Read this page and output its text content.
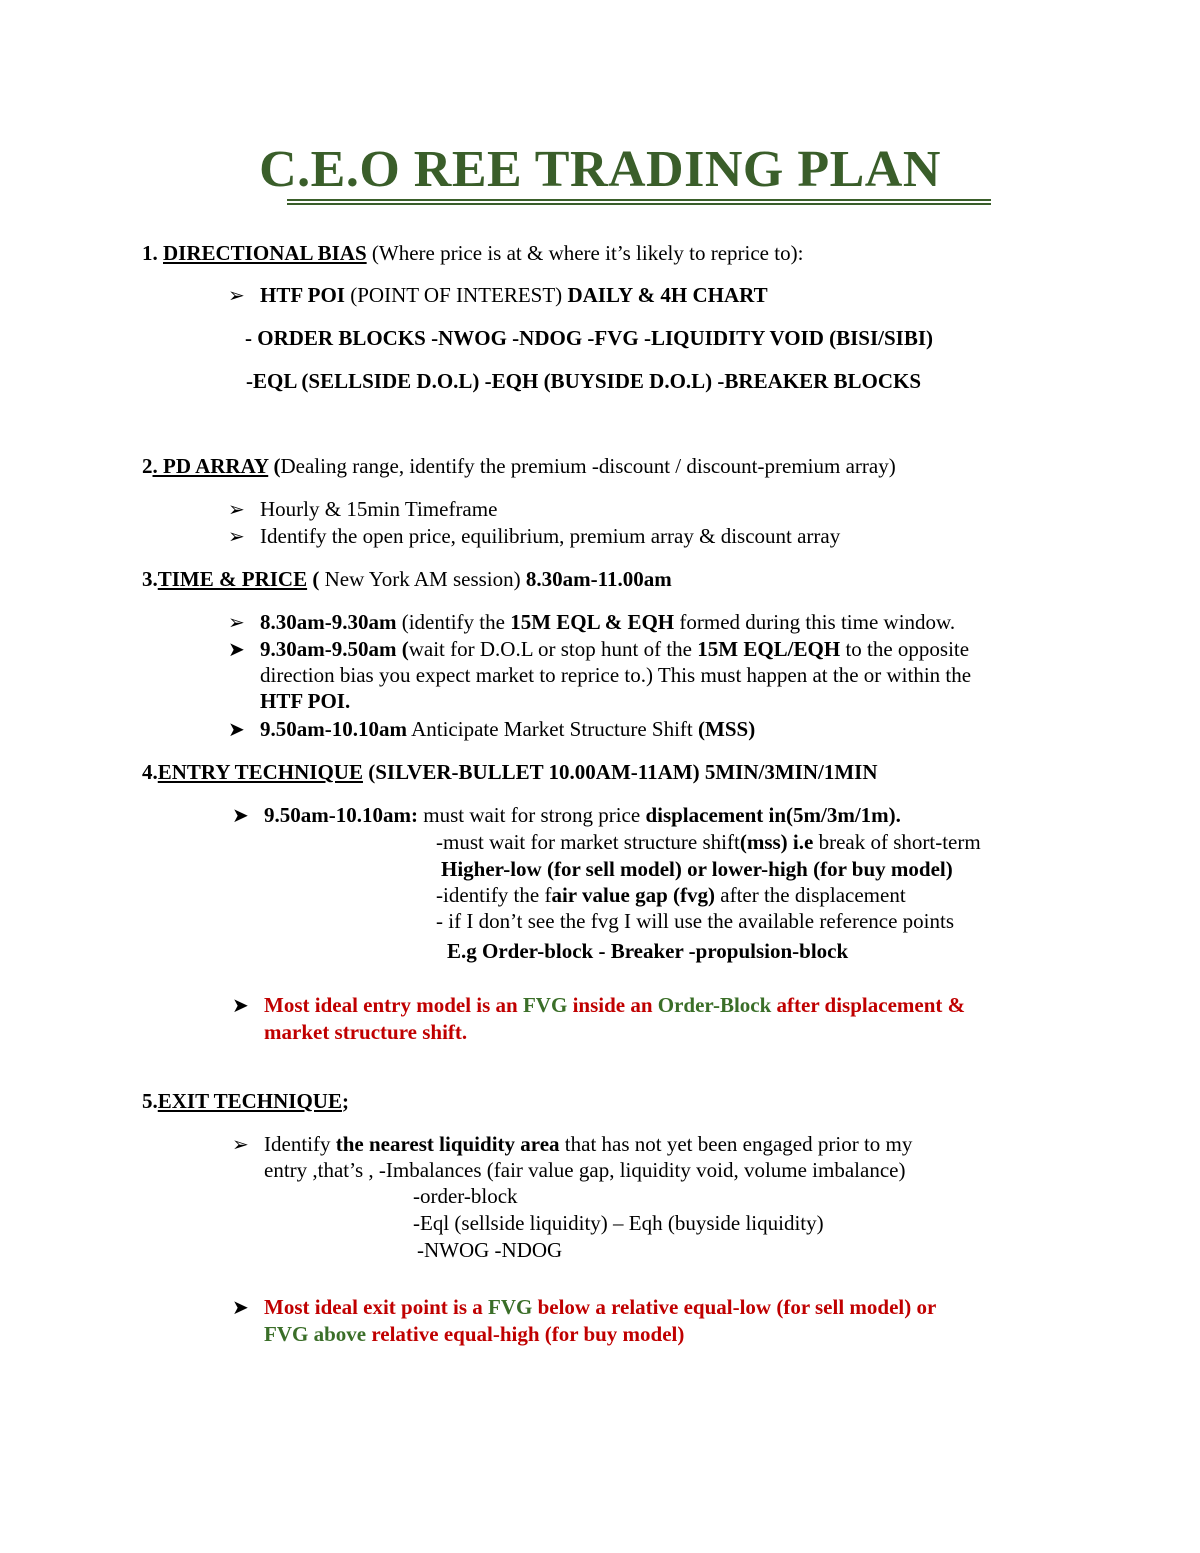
C.E.O REE TRADING PLAN
1. DIRECTIONAL BIAS (Where price is at & where it’s likely to reprice to):
➢ HTF POI (POINT OF INTEREST) DAILY & 4H CHART
- ORDER BLOCKS -NWOG -NDOG -FVG -LIQUIDITY VOID (BISI/SIBI)
-EQL (SELLSIDE D.O.L) -EQH (BUYSIDE D.O.L) -BREAKER BLOCKS
2. PD ARRAY (Dealing range, identify the premium -discount / discount-premium array)
➢ Hourly & 15min Timeframe
➢ Identify the open price, equilibrium, premium array & discount array
3.TIME & PRICE ( New York AM session) 8.30am-11.00am
➢ 8.30am-9.30am (identify the 15M EQL & EQH formed during this time window.
➤ 9.30am-9.50am (wait for D.O.L or stop hunt of the 15M EQL/EQH to the opposite
direction bias you expect market to reprice to.) This must happen at the or within the
HTF POI.
➤ 9.50am-10.10am Anticipate Market Structure Shift (MSS)
4.ENTRY TECHNIQUE (SILVER-BULLET 10.00AM-11AM) 5MIN/3MIN/1MIN
➤ 9.50am-10.10am: must wait for strong price displacement in(5m/3m/1m).
-must wait for market structure shift(mss) i.e break of short-term
Higher-low (for sell model) or lower-high (for buy model)
-identify the fair value gap (fvg) after the displacement
- if I don’t see the fvg I will use the available reference points
E.g Order-block - Breaker -propulsion-block
➤ Most ideal entry model is an FVG inside an Order-Block after displacement &
market structure shift.
5.EXIT TECHNIQUE;
➢ Identify the nearest liquidity area that has not yet been engaged prior to my
entry ,that’s , -Imbalances (fair value gap, liquidity void, volume imbalance)
-order-block
-Eql (sellside liquidity) – Eqh (buyside liquidity)
-NWOG -NDOG
➤ Most ideal exit point is a FVG below a relative equal-low (for sell model) or
FVG above relative equal-high (for buy model)
